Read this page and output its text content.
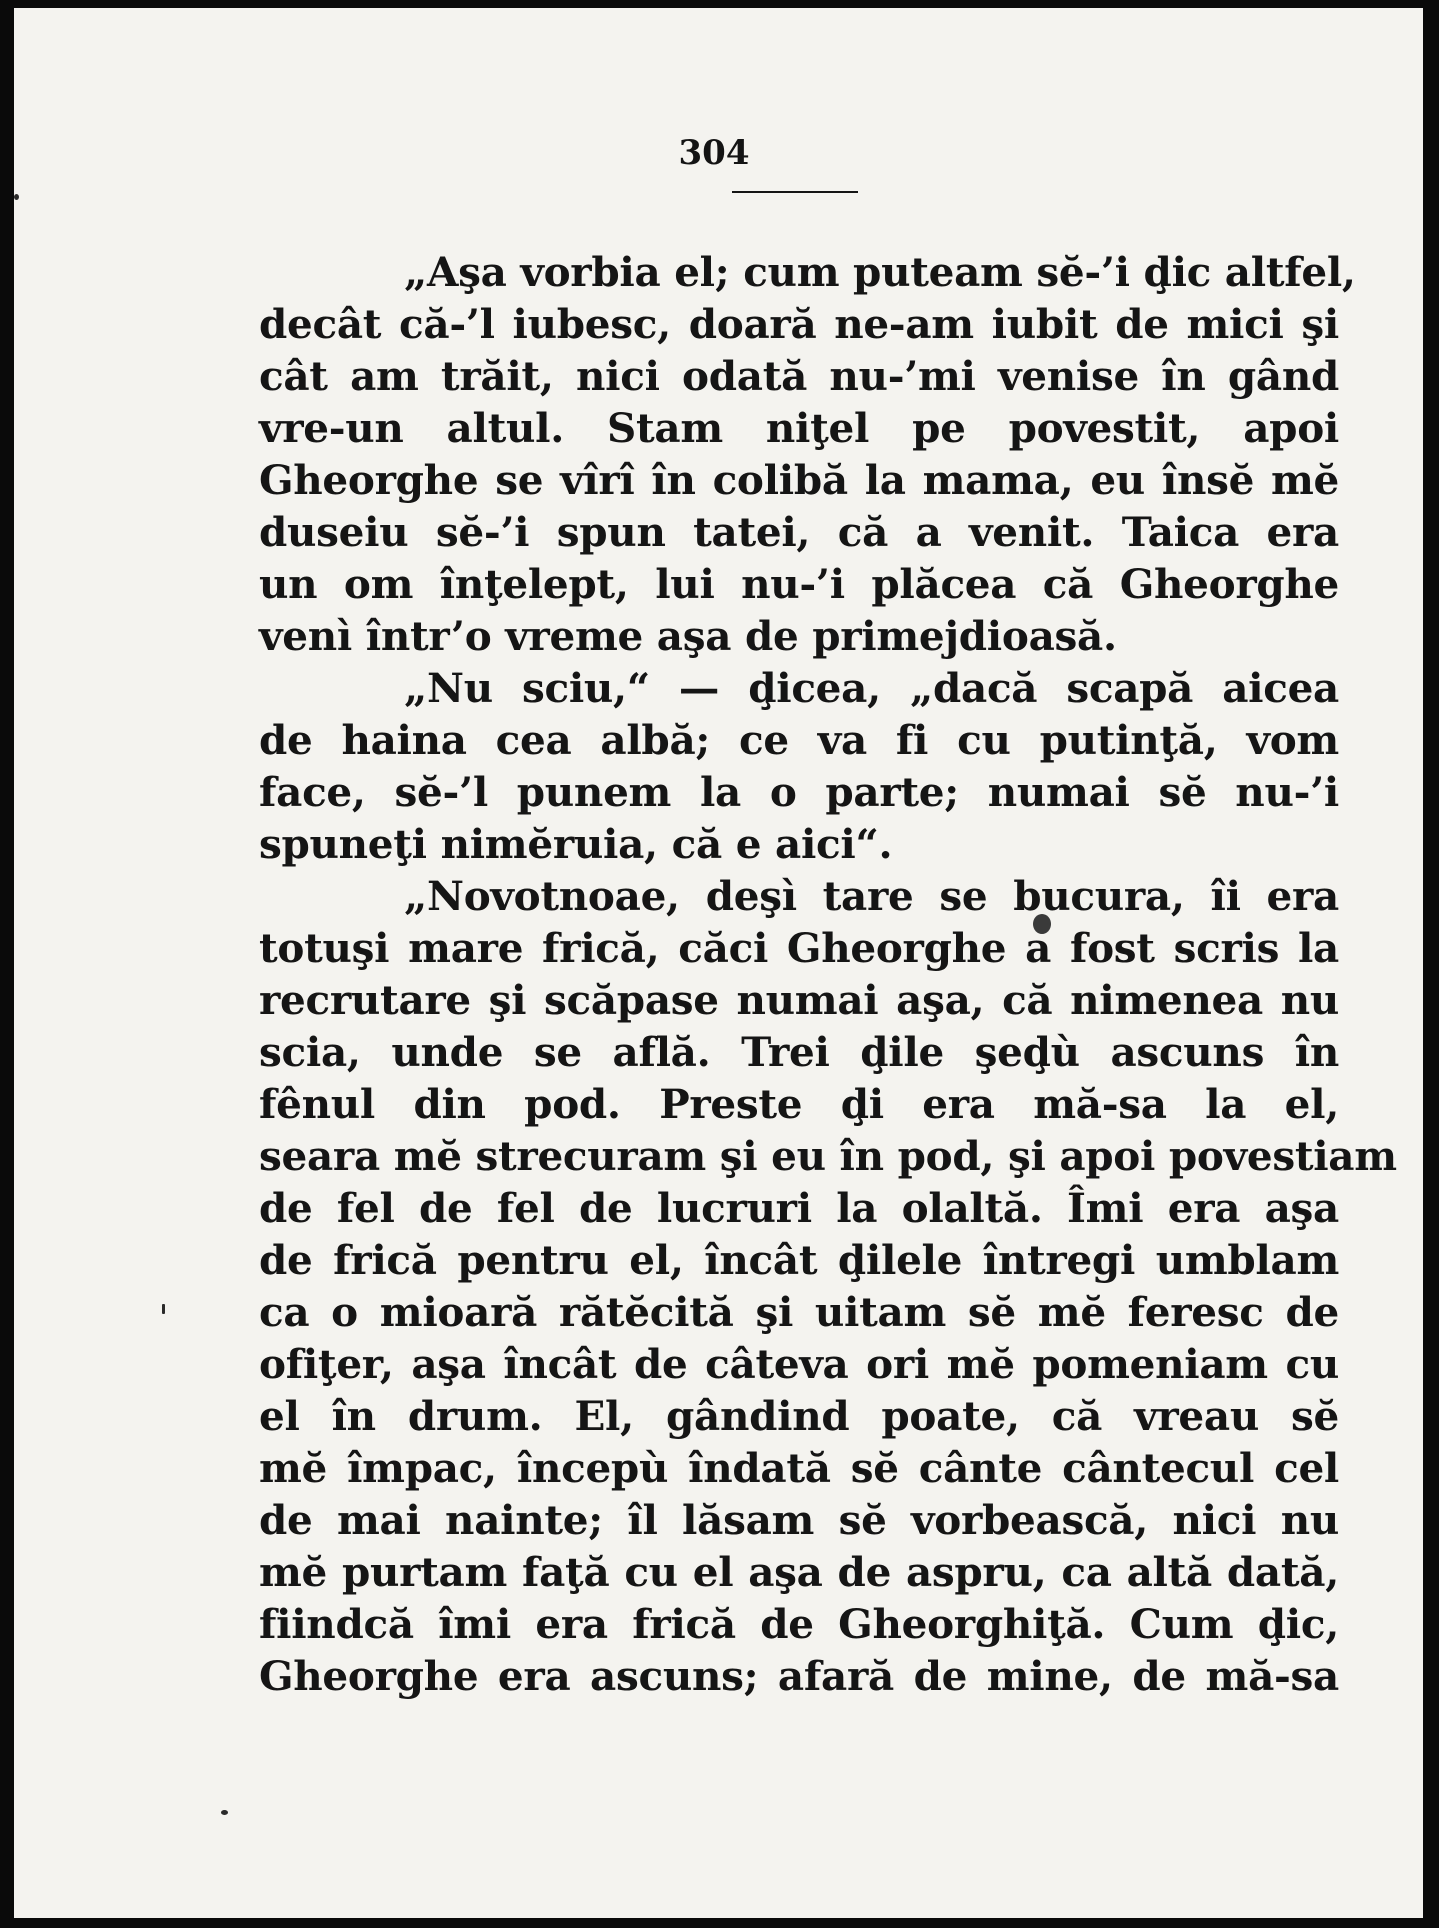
304
„Aşa vorbia el; cum puteam sĕ-’i ḑic altfel,
decât că-’l iubesc, doară ne-am iubit de mici şi
cât am trăit, nici odată nu-’mi venise în gând
vre-un altul. Stam niţel pe povestit, apoi
Gheorghe se vîrî în colibă la mama, eu însĕ mĕ
duseiu sĕ-’i spun tatei, că a venit. Taica era
un om înţelept, lui nu-’i plăcea că Gheorghe
venì într’o vreme aşa de primejdioasă.
„Nu sciu,“ — ḑicea, „dacă scapă aicea
de haina cea albă; ce va fi cu putinţă, vom
face, sĕ-’l punem la o parte; numai sĕ nu-’i
spuneţi nimĕruia, că e aici“.
„Novotnoae, deşì tare se bucura, îi era
totuşi mare frică, căci Gheorghe a fost scris la
recrutare şi scăpase numai aşa, că nimenea nu
scia, unde se află. Trei ḑile şeḑù ascuns în
fênul din pod. Preste ḑi era mă-sa la el,
seara mĕ strecuram şi eu în pod, şi apoi povestiam
de fel de fel de lucruri la olaltă. Îmi era aşa
de frică pentru el, încât ḑilele întregi umblam
ca o mioară rătĕcită şi uitam sĕ mĕ feresc de
ofiţer, aşa încât de câteva ori mĕ pomeniam cu
el în drum. El, gândind poate, că vreau sĕ
mĕ împac, începù îndată sĕ cânte cântecul cel
de mai nainte; îl lăsam sĕ vorbească, nici nu
mĕ purtam faţă cu el aşa de aspru, ca altă dată,
fiindcă îmi era frică de Gheorghiţă. Cum ḑic,
Gheorghe era ascuns; afară de mine, de mă-sa
